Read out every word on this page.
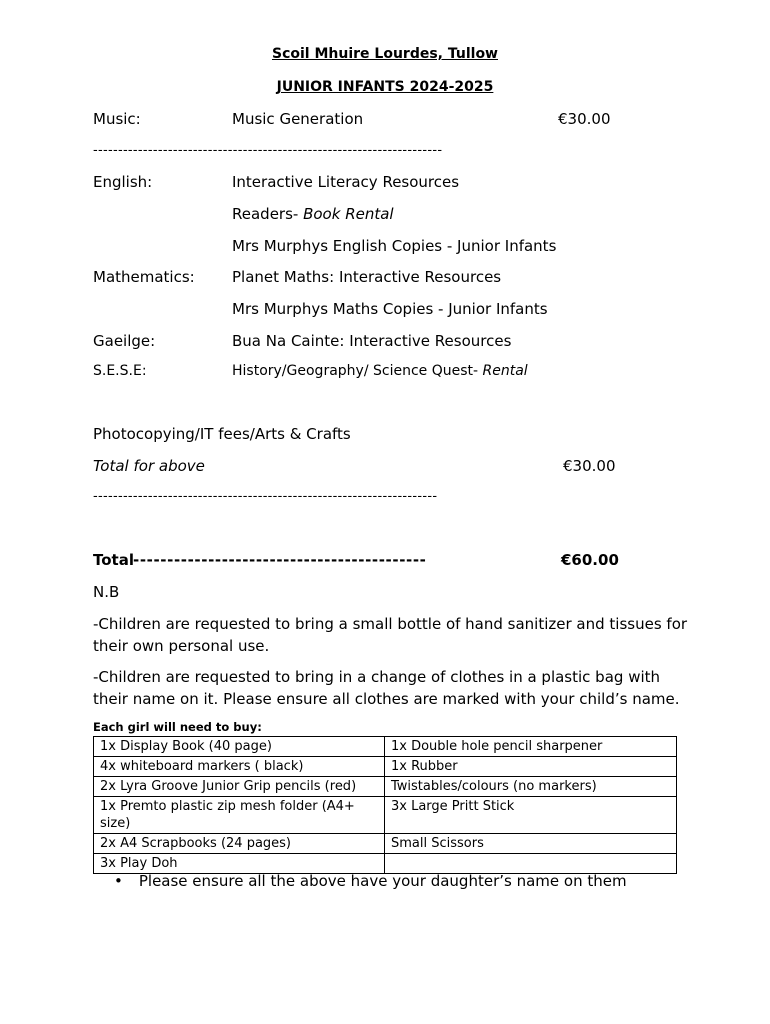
Scoil Mhuire Lourdes, Tullow
JUNIOR INFANTS 2024-2025
Music:	Music Generation	€30.00
----------------------------------------------------------------------
English:	Interactive Literacy Resources
Readers- Book Rental
Mrs Murphys English Copies - Junior Infants
Mathematics: Planet Maths: Interactive Resources
Mrs Murphys Maths Copies - Junior Infants
Gaeilge:	Bua Na Cainte: Interactive Resources
S.E.S.E:	History/Geography/ Science Quest- Rental
Photocopying/IT fees/Arts & Crafts
Total for above	€30.00
---------------------------------------------------------------------
Total -------------------------------------------	€60.00
N.B
-Children are requested to bring a small bottle of hand sanitizer and tissues for
their own personal use.
-Children are requested to bring in a change of clothes in a plastic bag with
their name on it. Please ensure all clothes are marked with your child’s name.
Each girl will need to buy:
1x Display Book (40 page)	1x Double hole pencil sharpener
4x whiteboard markers ( black)	1x Rubber
2x Lyra Groove Junior Grip pencils (red)	Twistables/colours (no markers)
1x Premto plastic zip mesh folder (A4+ size)	3x Large Pritt Stick
2x A4 Scrapbooks (24 pages)	Small Scissors
3x Play Doh	
• Please ensure all the above have your daughter’s name on them
